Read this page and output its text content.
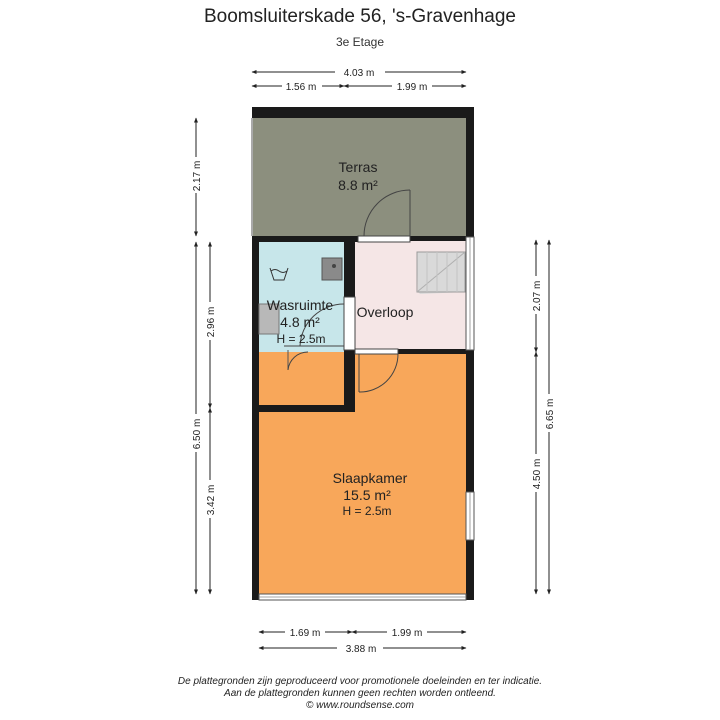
Boomsluiterskade 56, 's-Gravenhage
3e Etage
4.03 m
1.56 m	1.99 m
1.69 m	1.99 m
3.88 m
2.17 m
6.50 m
2.96 m
3.42 m
2.07 m
4.50 m
6.65 m
Terras
8.8 m²
Wasruimte
4.8 m²
H = 2.5m
Overloop
Slaapkamer
15.5 m²
H = 2.5m
De plattegronden zijn geproduceerd voor promotionele doeleinden en ter indicatie.
Aan de plattegronden kunnen geen rechten worden ontleend.
© www.roundsense.com
